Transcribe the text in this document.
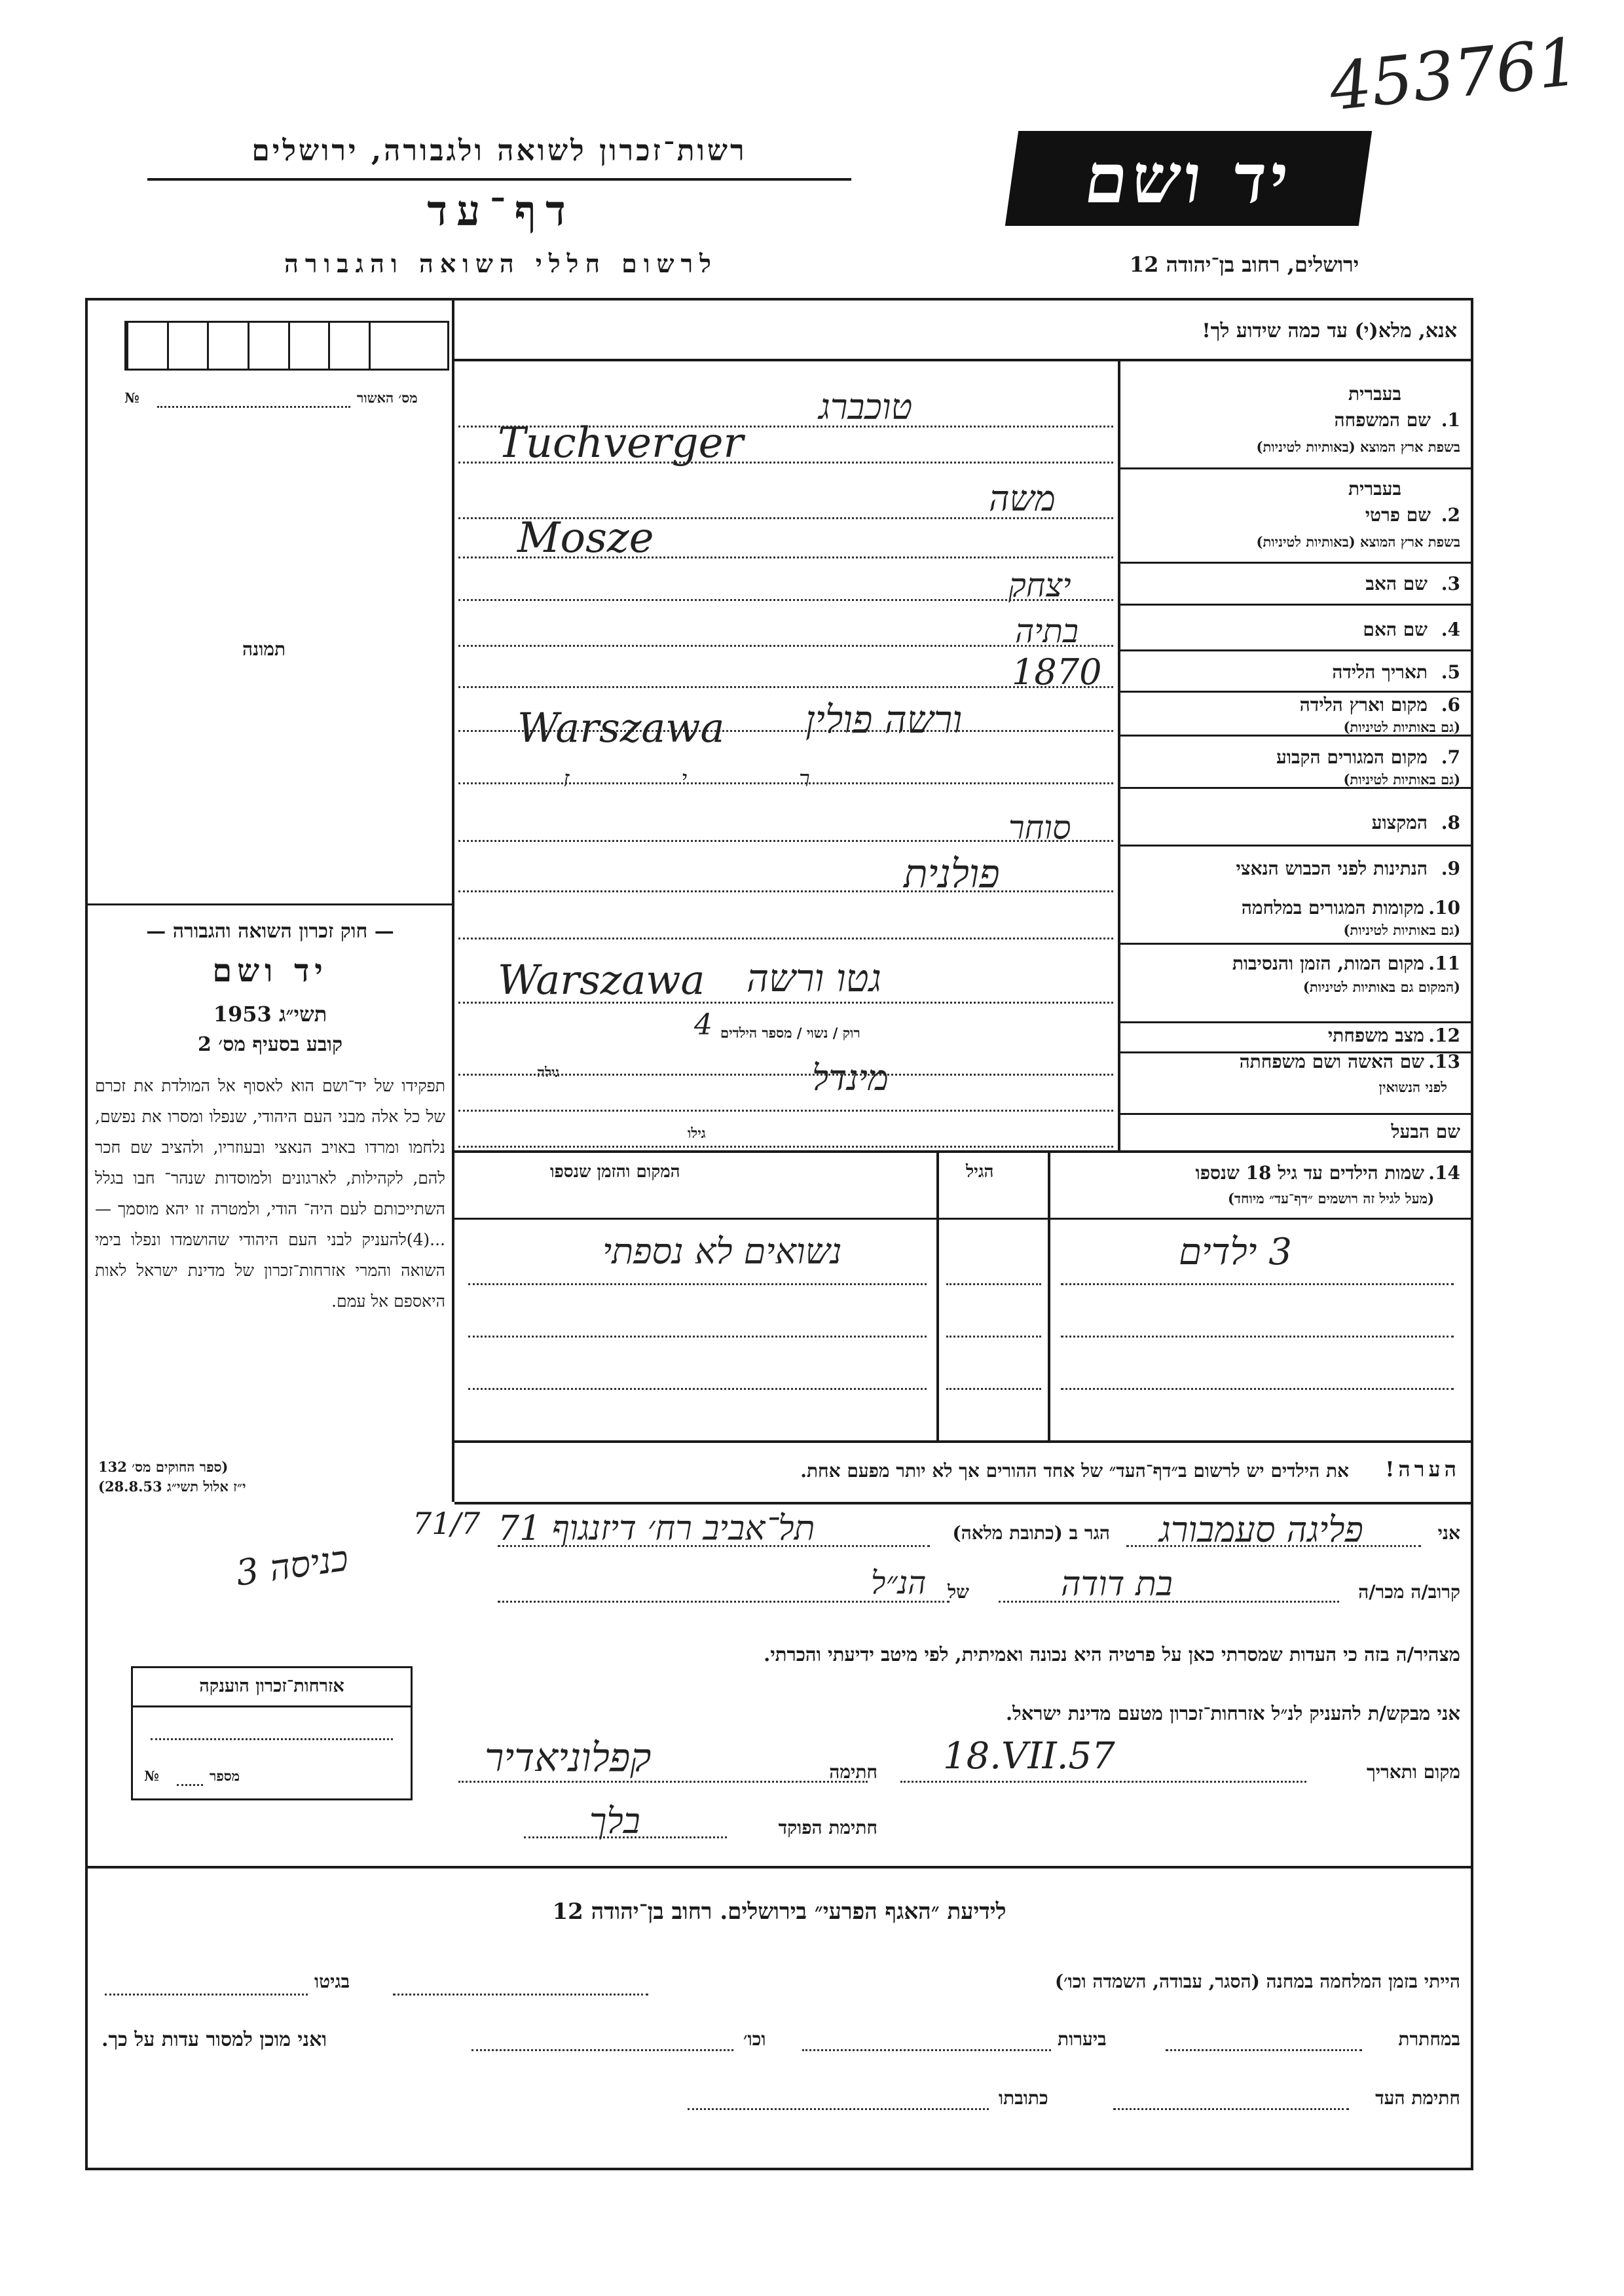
453761
רשות־זכרון לשואה ולגבורה, ירושלים
דף־עד
לרשום חללי השואה והגבורה
יד ושם
ירושלים, רחוב בן־יהודה 12
מס׳ האשור
№
תמונה
— חוק זכרון השואה והגבורה —
יד ושם
תשי״ג 1953
קובע בסעיף מס׳ 2
תפקידו של יד־ושם הוא לאסוף אל המולדת את זכרם של כל אלה מבני העם היהודי, שנפלו ומסרו את נפשם, נלחמו ומרדו באויב הנאצי ובעוזריו, ולהציב שם חכר להם, לקהילות, לארגונים ולמוסדות שנהר־ חבו בגלל השתייכותם לעם היה־ הודי, ולמטרה זו יהא מוסמך — ...(4)להעניק לבני העם היהודי שהושמדו ונפלו בימי השואה והמרי אזרחות־זכרון של מדינת ישראל לאות היאספם אל עמם.
(ספר החוקים מס׳ 132
י״ז אלול תשי״ג 28.8.53)
אנא, מלא(י) עד כמה שידוע לך!
בעברית
1.
שם המשפחה
בשפת ארץ המוצא (באותיות לטיניות)
טוכברג
Tuchverger
בעברית
2.
שם פרטי
בשפת ארץ המוצא (באותיות לטיניות)
משה
Mosze
3.
שם האב
יצחק
4.
שם האם
בתיה
5.
תאריך הלידה
1870
6.
מקום וארץ הלידה
(גם באותיות לטיניות)
ורשה פולין
Warszawa
7.
מקום המגורים הקבוע
(גם באותיות לטיניות)
ר י ז
8.
המקצוע
סוחר
9.
הנתינות לפני הכבוש הנאצי
פולנית
10.
מקומות המגורים במלחמה
(גם באותיות לטיניות)
11.
מקום המות, הזמן והנסיבות
(המקום גם באותיות לטיניות)
גטו ורשה
Warszawa
12.
מצב משפחתי
רוק / נשוי / מספר הילדים
4
13.
שם האשה ושם משפחתה
לפני הנשואין
גילה	מינדל
שם הבעל
גילו
14.
שמות הילדים עד גיל 18 שנספו
(מעל לגיל זה רושמים ״דף־עד״ מיוחד)
הגיל
המקום והזמן שנספו
3 ילדים
נשואים לא נספתי
הערה!
את הילדים יש לרשום ב״דף־העד״ של אחד ההורים אך לא יותר מפעם אחת.
אני
הגר ב (כתובת מלאה) פליגה סעמבורג
תל־אביב רח׳ דיזנגוף 71
כניסה 3
71/7
קרוב/ה מכר/ה
בת דודה
של
הנ״ל
מצהיר/ה בזה כי העדות שמסרתי כאן על פרטיה היא נכונה ואמיתית, לפי מיטב ידיעתי והכרתי.
אני מבקש/ת להעניק לנ״ל אזרחות־זכרון מטעם מדינת ישראל.
מקום ותאריך
18.VII.57
חתימה
קפלוניאדיר
חתימת הפוקד
בלך
אזרחות־זכרון הוענקה
מספר
№
לידיעת ״האגף הפרעי״ בירושלים. רחוב בן־יהודה 12
הייתי בזמן המלחמה במחנה (הסגר, עבודה, השמדה וכו׳)
בגיטו
במחתרת
ביערות
וכו׳
ואני מוכן למסור עדות על כך.
חתימת העד
כתובתו
